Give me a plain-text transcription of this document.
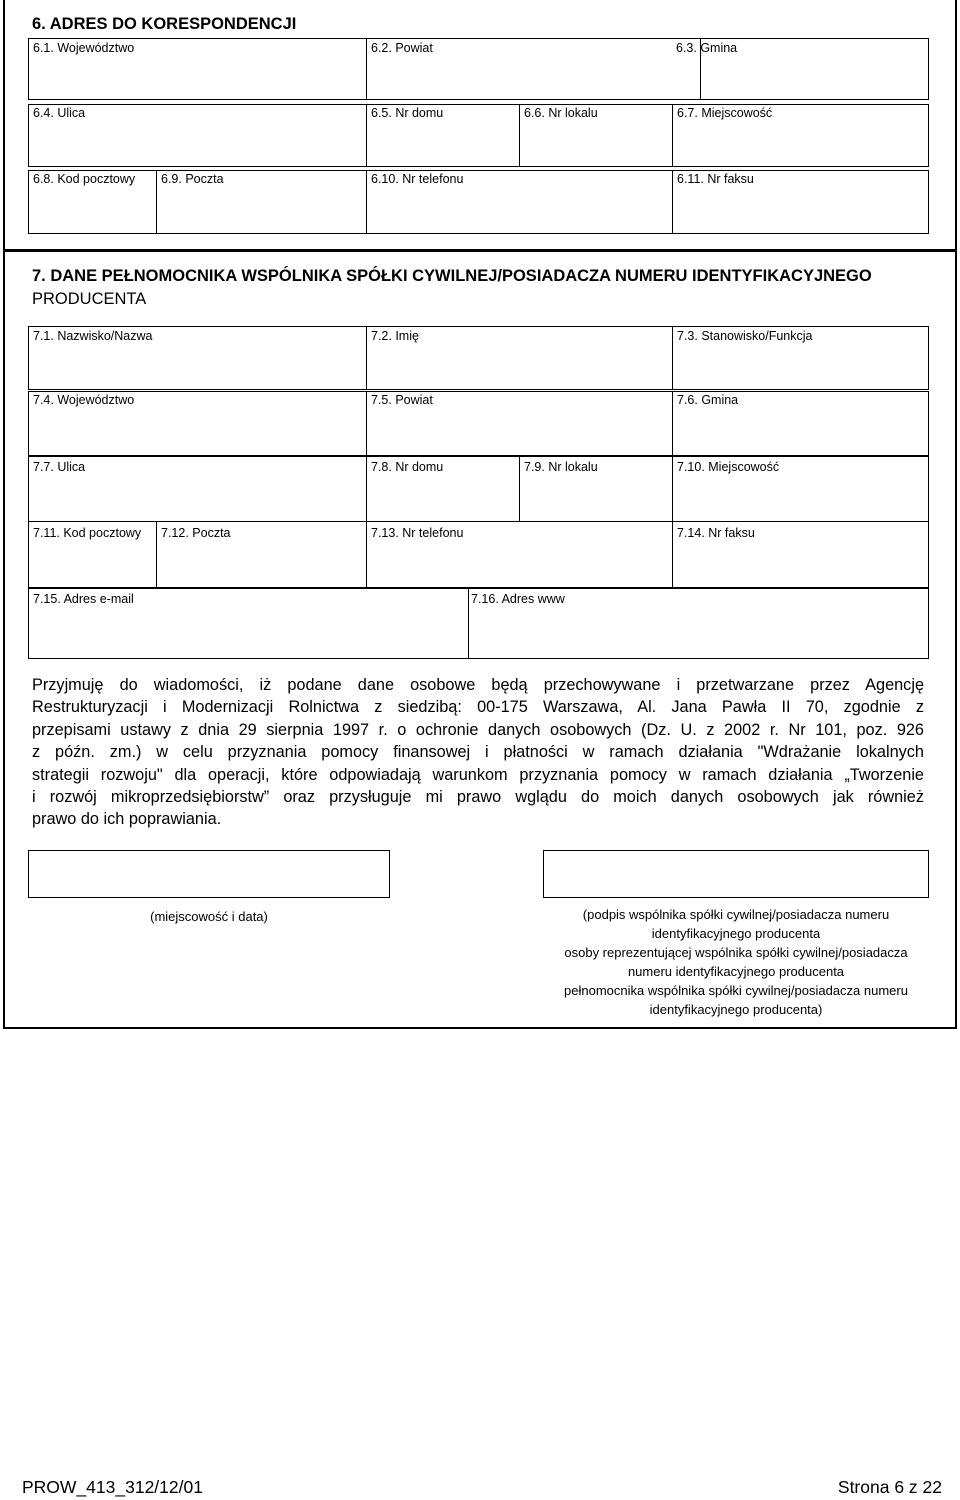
6. ADRES DO KORESPONDENCJI
6.1. Województwo	6.2. Powiat	6.3. Gmina
6.4. Ulica	6.5. Nr domu	6.6. Nr lokalu	6.7. Miejscowość
6.8. Kod pocztowy 6.9. Poczta	6.10. Nr telefonu	6.11. Nr faksu
7. DANE PEŁNOMOCNIKA WSPÓLNIKA SPÓŁKI CYWILNEJ/POSIADACZA NUMERU IDENTYFIKACYJNEGO
PRODUCENTA
7.1. Nazwisko/Nazwa	7.2. Imię	7.3. Stanowisko/Funkcja
7.4. Województwo	7.5. Powiat	7.6. Gmina
7.7. Ulica	7.8. Nr domu	7.9. Nr lokalu	7.10. Miejscowość
7.11. Kod pocztowy 7.12. Poczta	7.13. Nr telefonu	7.14. Nr faksu
7.15. Adres e-mail	7.16. Adres www
Przyjmuję do wiadomości, iż podane dane osobowe będą przechowywane i przetwarzane przez Agencję
Restrukturyzacji i Modernizacji Rolnictwa z siedzibą: 00-175 Warszawa, Al. Jana Pawła II 70, zgodnie z
przepisami ustawy z dnia 29 sierpnia 1997 r. o ochronie danych osobowych (Dz. U. z 2002 r. Nr 101, poz. 926
z późn. zm.) w celu przyznania pomocy finansowej i płatności w ramach działania "Wdrażanie lokalnych
strategii rozwoju" dla operacji, które odpowiadają warunkom przyznania pomocy w ramach działania „Tworzenie
i rozwój mikroprzedsiębiorstw” oraz przysługuje mi prawo wglądu do moich danych osobowych jak również
prawo do ich poprawiania.
(miejscowość i data)	(podpis wspólnika spółki cywilnej/posiadacza numeru
identyfikacyjnego producenta
osoby reprezentującej wspólnika spółki cywilnej/posiadacza
numeru identyfikacyjnego producenta
pełnomocnika wspólnika spółki cywilnej/posiadacza numeru
identyfikacyjnego producenta)
PROW_413_312/12/01	Strona 6 z 22
